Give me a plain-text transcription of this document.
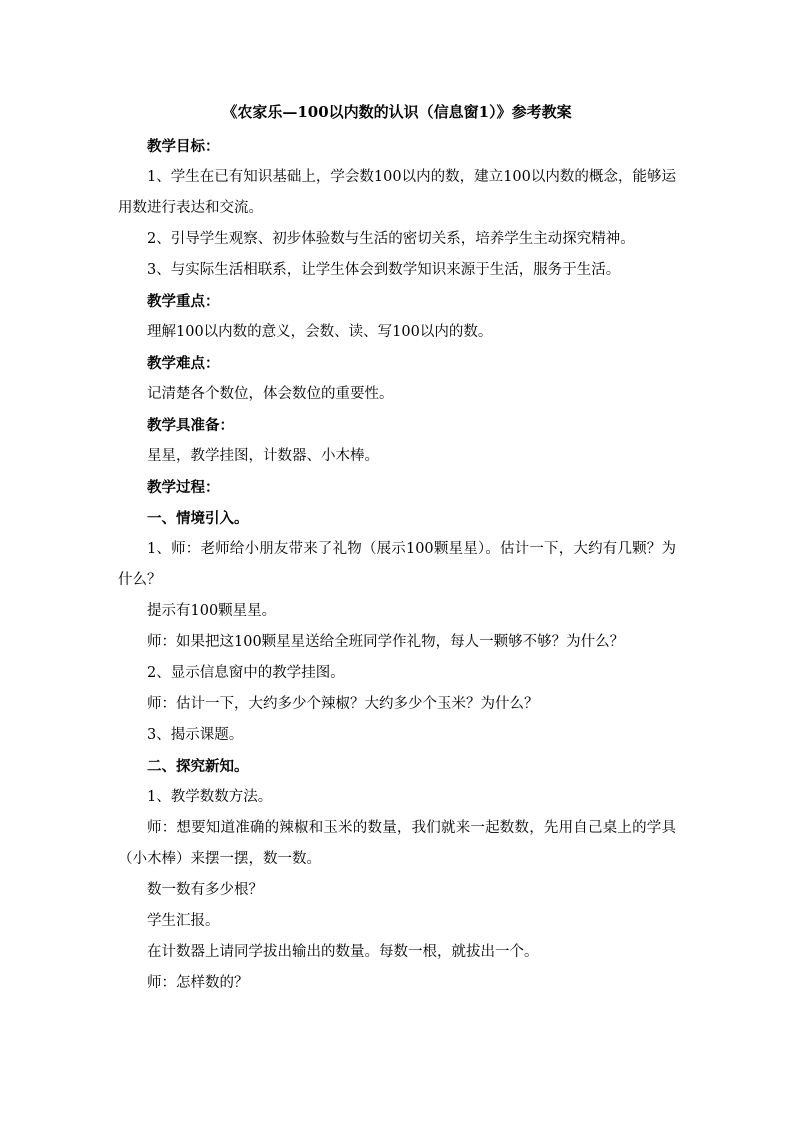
《农家乐—100以内数的认识（信息窗1）》参考教案

教学目标：

1、学生在已有知识基础上，学会数100以内的数，建立100以内数的概念，能够运用数进行表达和交流。

2、引导学生观察、初步体验数与生活的密切关系，培养学生主动探究精神。

3、与实际生活相联系，让学生体会到数学知识来源于生活，服务于生活。

教学重点：

理解100以内数的意义，会数、读、写100以内的数。

教学难点：

记清楚各个数位，体会数位的重要性。

教学具准备：

星星，教学挂图，计数器、小木棒。

教学过程：

一、情境引入。

1、师：老师给小朋友带来了礼物（展示100颗星星）。估计一下，大约有几颗？为什么？

提示有100颗星星。

师：如果把这100颗星星送给全班同学作礼物，每人一颗够不够？为什么？

2、显示信息窗中的教学挂图。

师：估计一下，大约多少个辣椒？大约多少个玉米？为什么？

3、揭示课题。

二、探究新知。

1、教学数数方法。

师：想要知道准确的辣椒和玉米的数量，我们就来一起数数，先用自己桌上的学具（小木棒）来摆一摆，数一数。

数一数有多少根？

学生汇报。

在计数器上请同学拔出输出的数量。每数一根，就拔出一个。

师：怎样数的？
